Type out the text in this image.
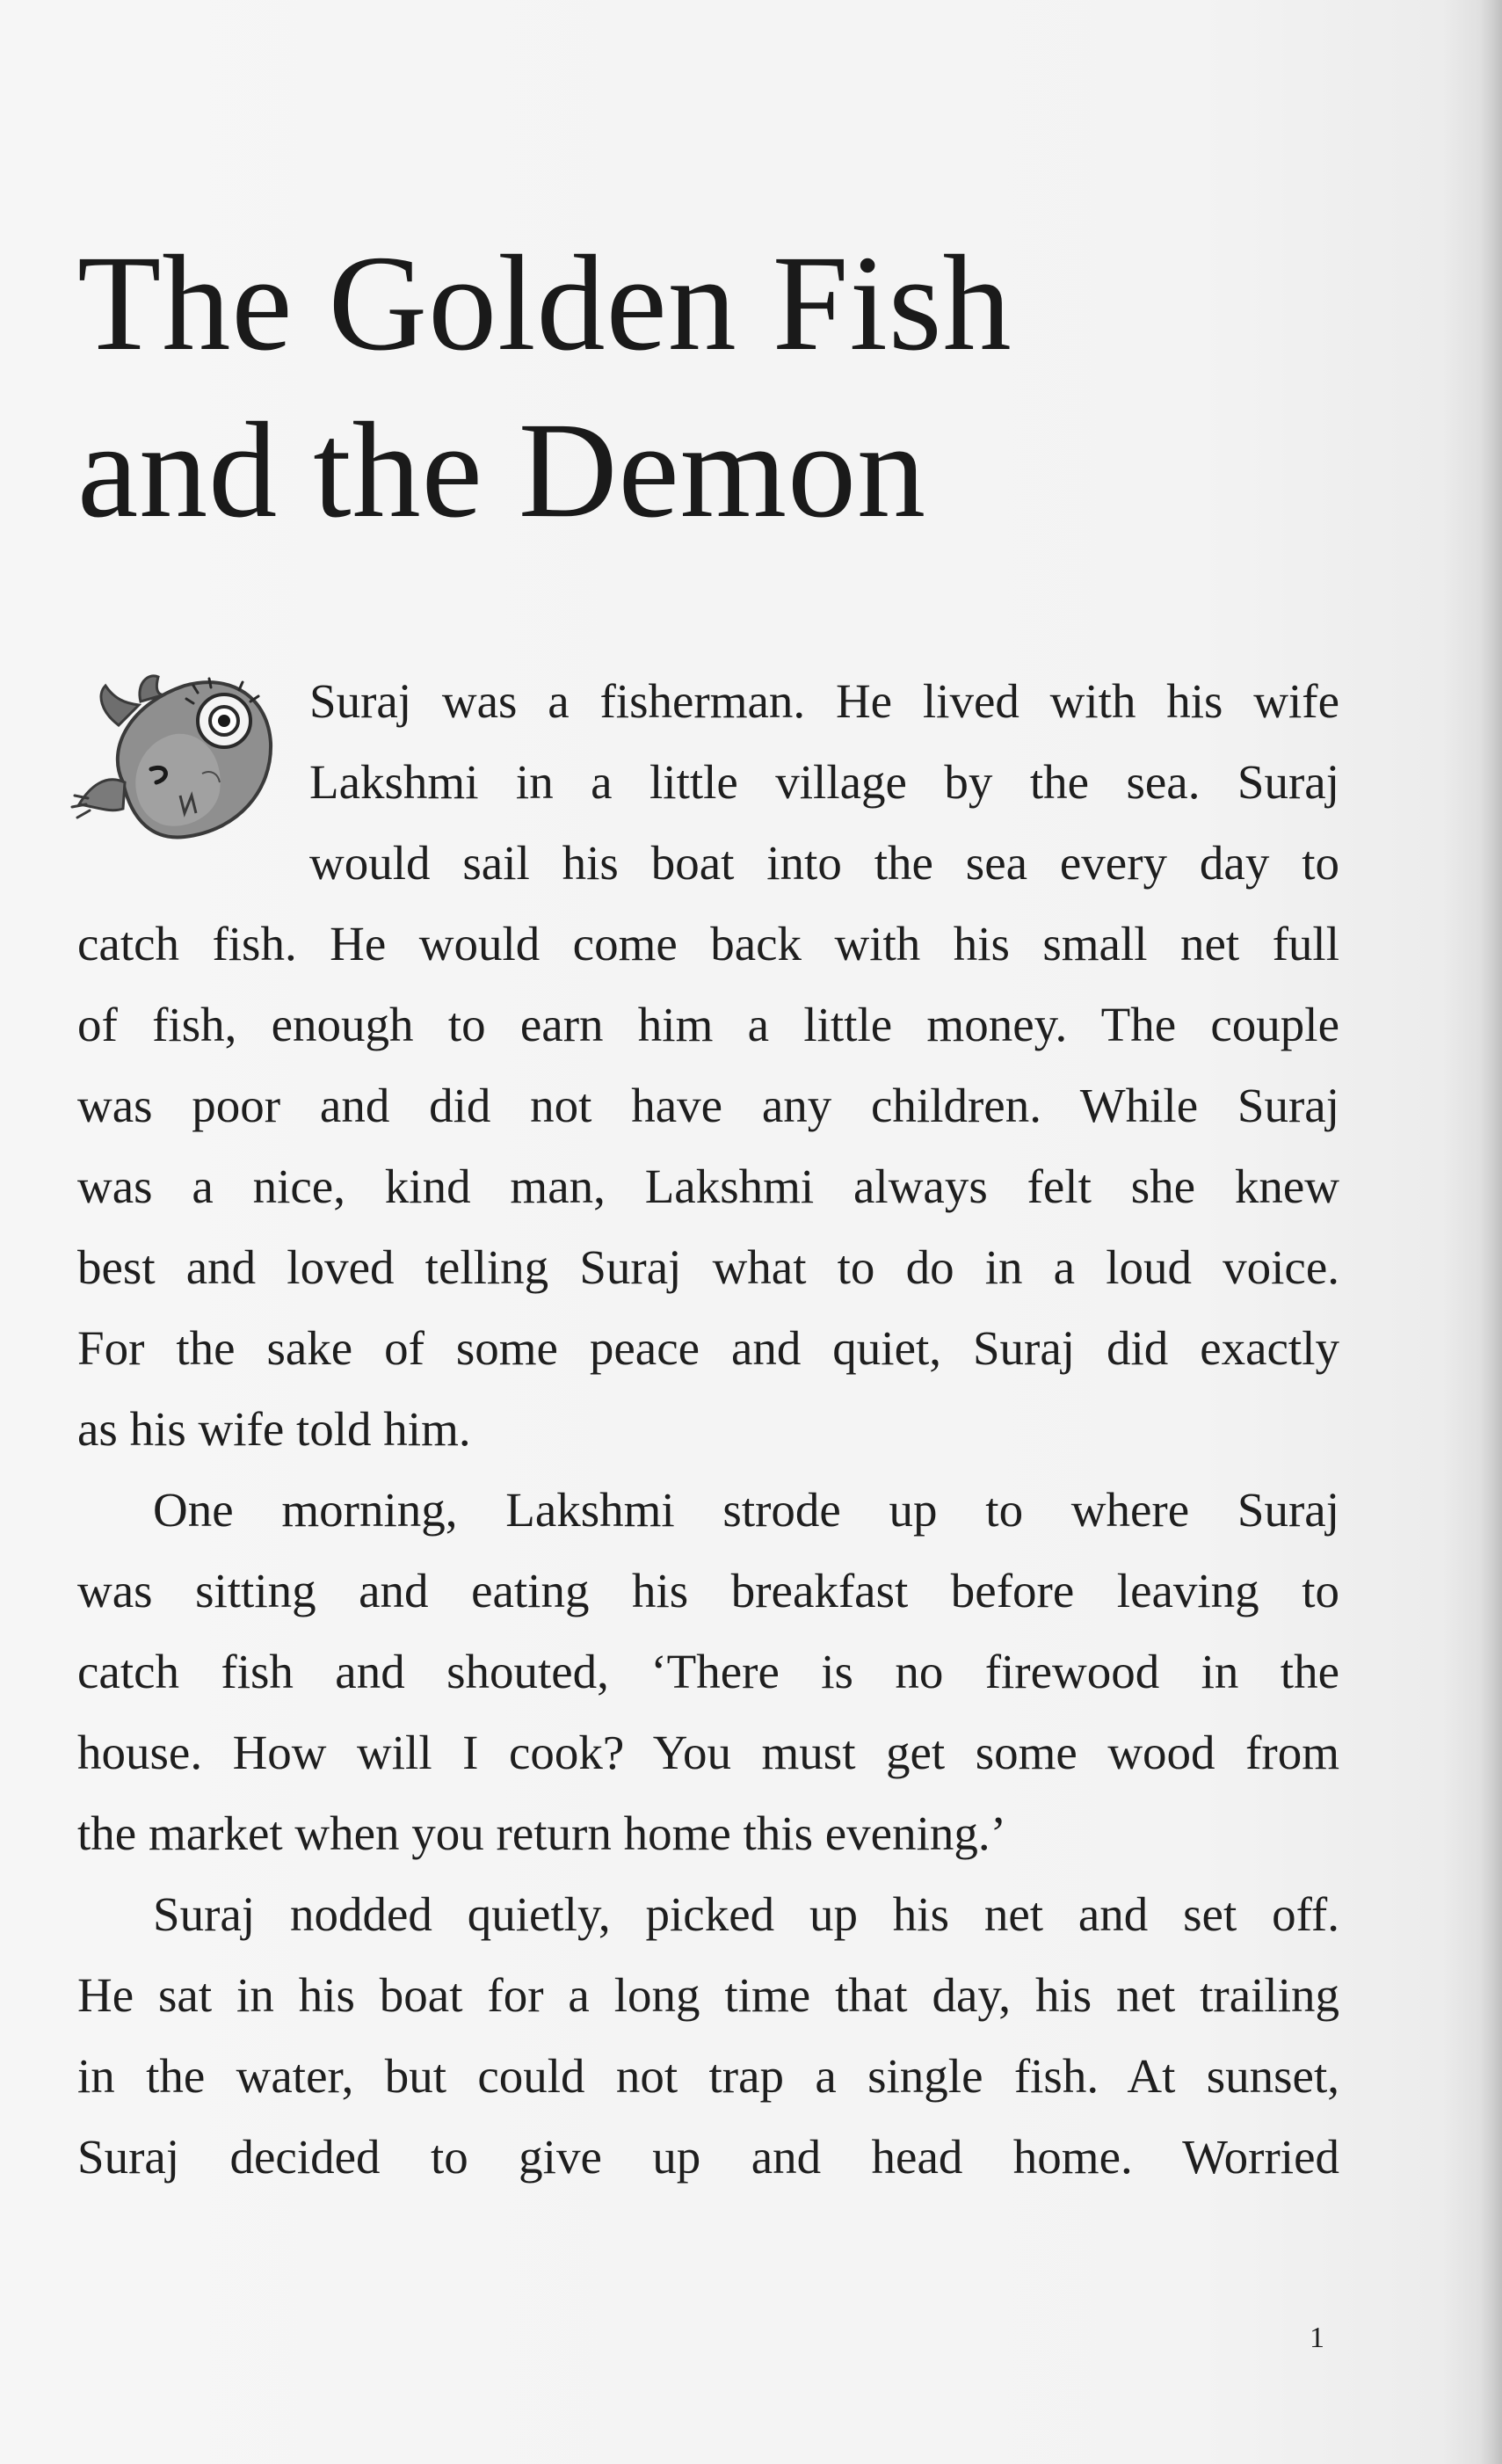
The Golden Fish
and the Demon
Suraj was a fisherman. He lived with his wife
Lakshmi in a little village by the sea. Suraj
would sail his boat into the sea every day to
catch fish. He would come back with his small net full
of fish, enough to earn him a little money. The couple
was poor and did not have any children. While Suraj
was a nice, kind man, Lakshmi always felt she knew
best and loved telling Suraj what to do in a loud voice.
For the sake of some peace and quiet, Suraj did exactly
as his wife told him.
One morning, Lakshmi strode up to where Suraj
was sitting and eating his breakfast before leaving to
catch fish and shouted, ‘There is no firewood in the
house. How will I cook? You must get some wood from
the market when you return home this evening.’
Suraj nodded quietly, picked up his net and set off.
He sat in his boat for a long time that day, his net trailing
in the water, but could not trap a single fish. At sunset,
Suraj decided to give up and head home. Worried
1
